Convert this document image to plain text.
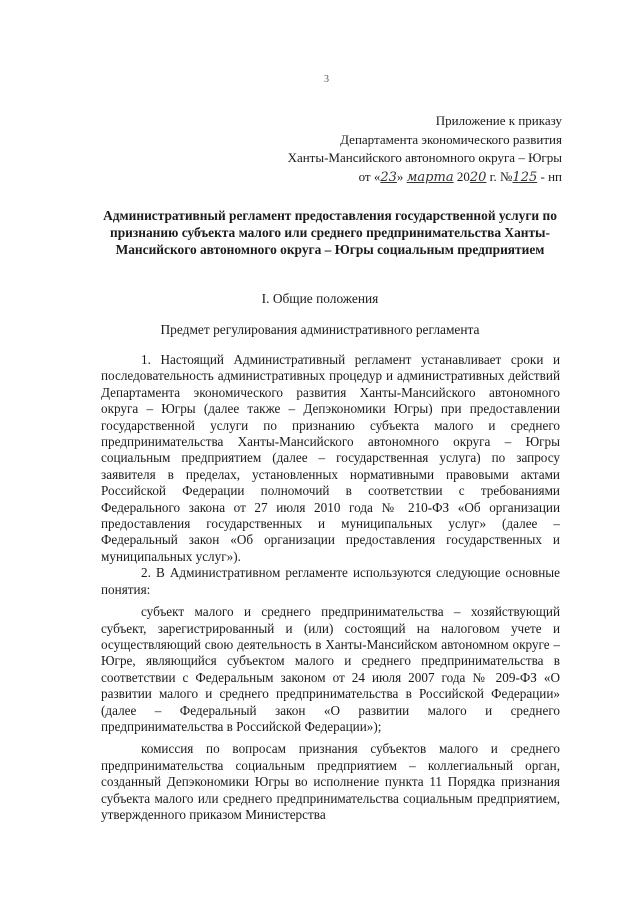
3
Приложение к приказу
Департамента экономического развития
Ханты-Мансийского автономного округа – Югры
от «23» марта 2020 г. №125 - нп
Административный регламент предоставления государственной услуги по признанию субъекта малого или среднего предпринимательства Ханты-Мансийского автономного округа – Югры социальным предприятием
I. Общие положения
Предмет регулирования административного регламента

1. Настоящий Административный регламент устанавливает сроки и последовательность административных процедур и административных действий Департамента экономического развития Ханты-Мансийского автономного округа – Югры (далее также – Депэкономики Югры) при предоставлении государственной услуги по признанию субъекта малого и среднего предпринимательства Ханты-Мансийского автономного округа – Югры социальным предприятием (далее – государственная услуга) по запросу заявителя в пределах, установленных нормативными правовыми актами Российской Федерации полномочий в соответствии с требованиями Федерального закона от 27 июля 2010 года № 210-ФЗ «Об организации предоставления государственных и муниципальных услуг» (далее – Федеральный закон «Об организации предоставления государственных и муниципальных услуг»).

2. В Административном регламенте используются следующие основные понятия:

субъект малого и среднего предпринимательства – хозяйствующий субъект, зарегистрированный и (или) состоящий на налоговом учете и осуществляющий свою деятельность в Ханты-Мансийском автономном округе – Югре, являющийся субъектом малого и среднего предпринимательства в соответствии с Федеральным законом от 24 июля 2007 года № 209-ФЗ «О развитии малого и среднего предпринимательства в Российской Федерации» (далее – Федеральный закон «О развитии малого и среднего предпринимательства в Российской Федерации»);

комиссия по вопросам признания субъектов малого и среднего предпринимательства социальным предприятием – коллегиальный орган, созданный Депэкономики Югры во исполнение пункта 11 Порядка признания субъекта малого или среднего предпринимательства социальным предприятием, утвержденного приказом Министерства
